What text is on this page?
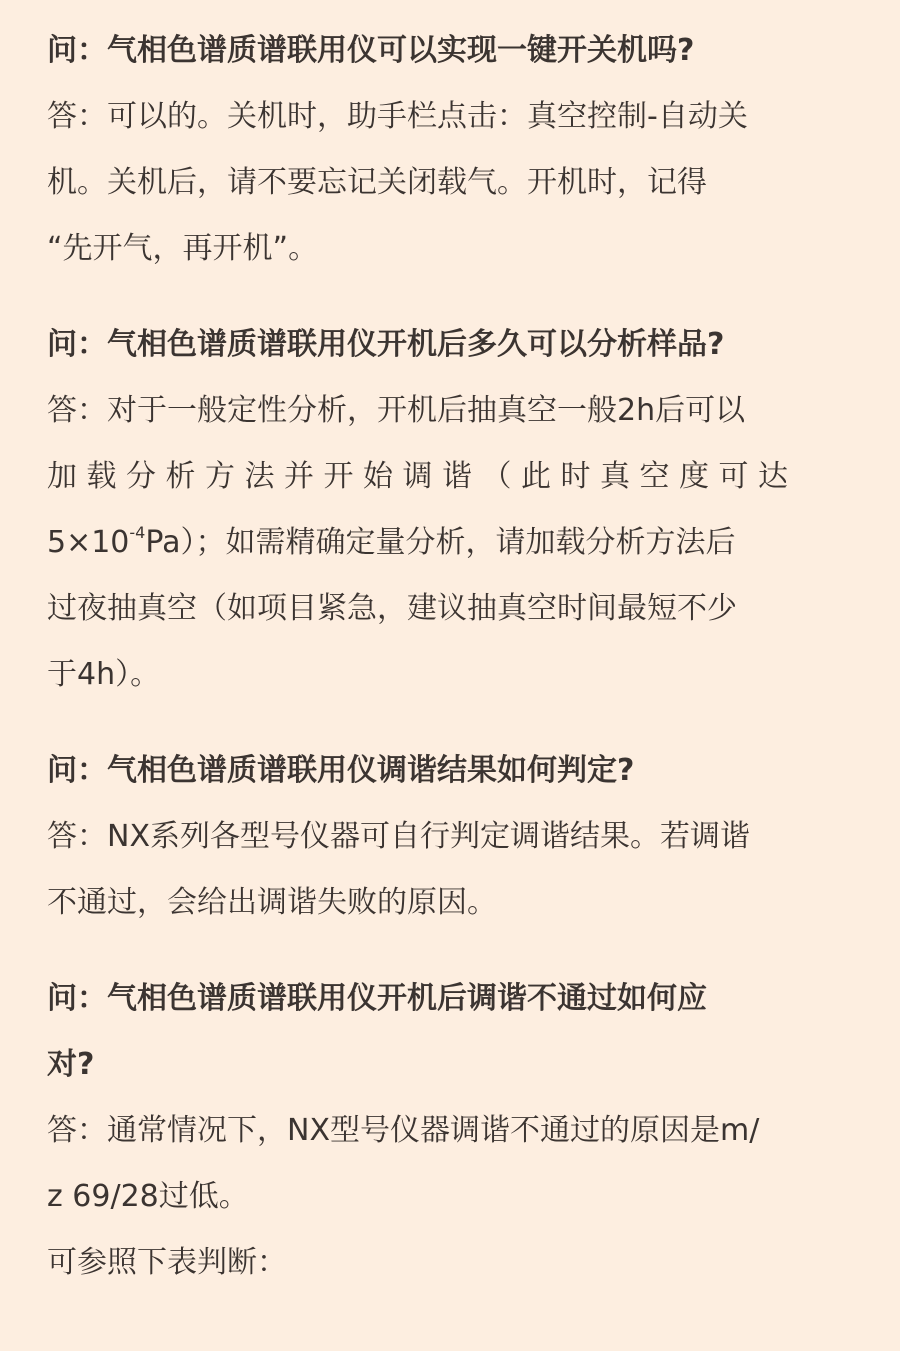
问：气相色谱质谱联用仪可以实现一键开关机吗?
答：可以的。关机时，助手栏点击：真空控制-自动关
机。关机后，请不要忘记关闭载气。开机时，记得
“先开气，再开机”。
问：气相色谱质谱联用仪开机后多久可以分析样品?
答：对于一般定性分析，开机后抽真空一般2h后可以
加载分析方法并开始调谐（此时真空度可达
$5\times 10^{-4}Pa$）；如需精确定量分析，请加载分析方法后
过夜抽真空（如项目紧急，建议抽真空时间最短不少
于4h）。
问：气相色谱质谱联用仪调谐结果如何判定?
答：NX系列各型号仪器可自行判定调谐结果。若调谐
不通过，会给出调谐失败的原因。
问：气相色谱质谱联用仪开机后调谐不通过如何应
对?
答：通常情况下，NX型号仪器调谐不通过的原因是m/
z 69/28过低。
可参照下表判断：
